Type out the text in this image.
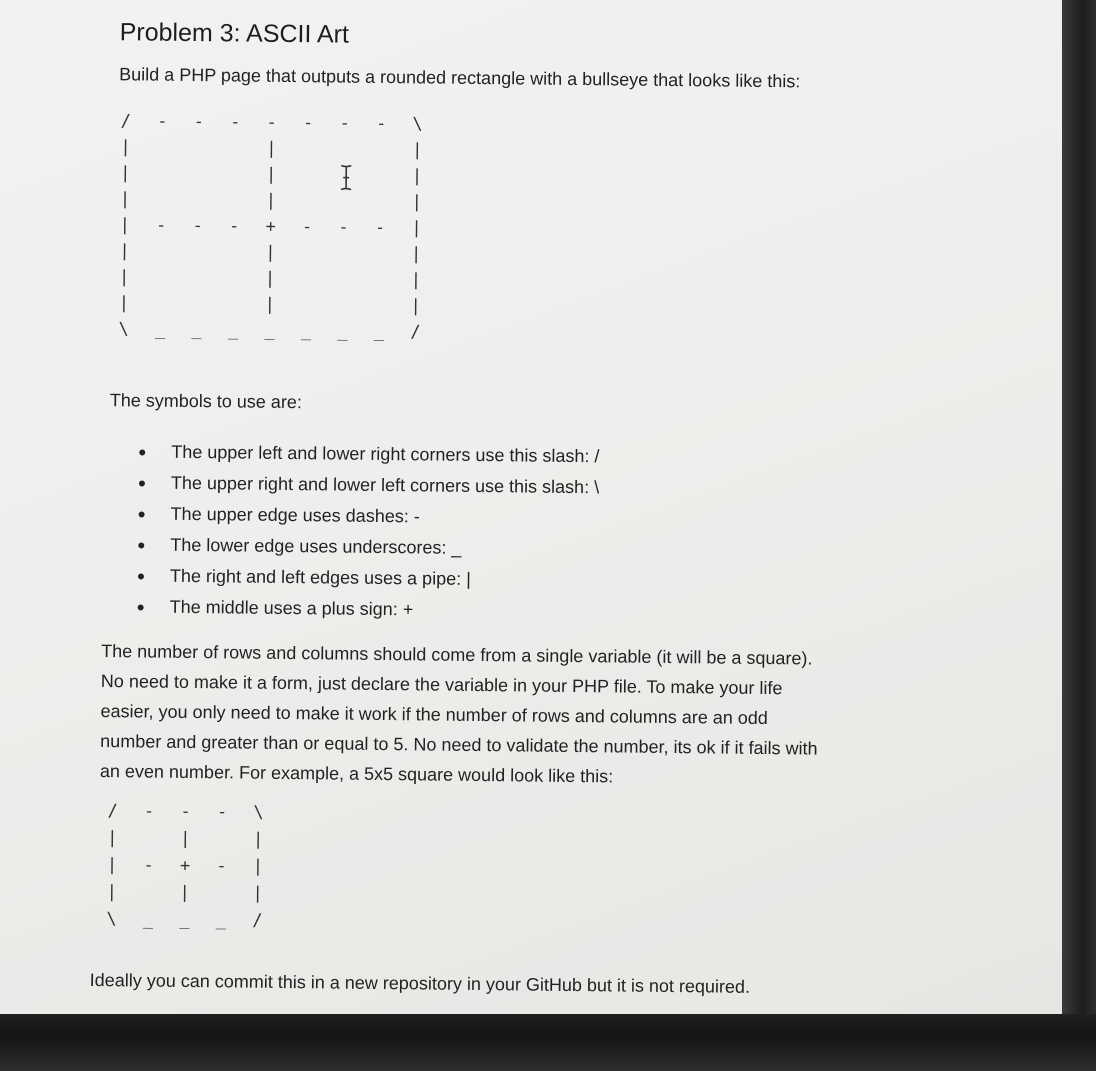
Problem 3: ASCII Art
Build a PHP page that outputs a rounded rectangle with a bullseye that looks like this:
/ - - - - - - - \
|       |       |
|       |       |
|       |       |
| - - - + - - - |
|       |       |
|       |       |
|       |       |
\ _ _ _ _ _ _ _ /
The symbols to use are:
The upper left and lower right corners use this slash: /
The upper right and lower left corners use this slash: \
The upper edge uses dashes: -
The lower edge uses underscores: _
The right and left edges uses a pipe: |
The middle uses a plus sign: +
The number of rows and columns should come from a single variable (it will be a square).
No need to make it a form, just declare the variable in your PHP file. To make your life
easier, you only need to make it work if the number of rows and columns are an odd
number and greater than or equal to 5. No need to validate the number, its ok if it fails with
an even number. For example, a 5x5 square would look like this:
/ - - - \
|   |   |
| - + - |
|   |   |
\ _ _ _ /
Ideally you can commit this in a new repository in your GitHub but it is not required.
